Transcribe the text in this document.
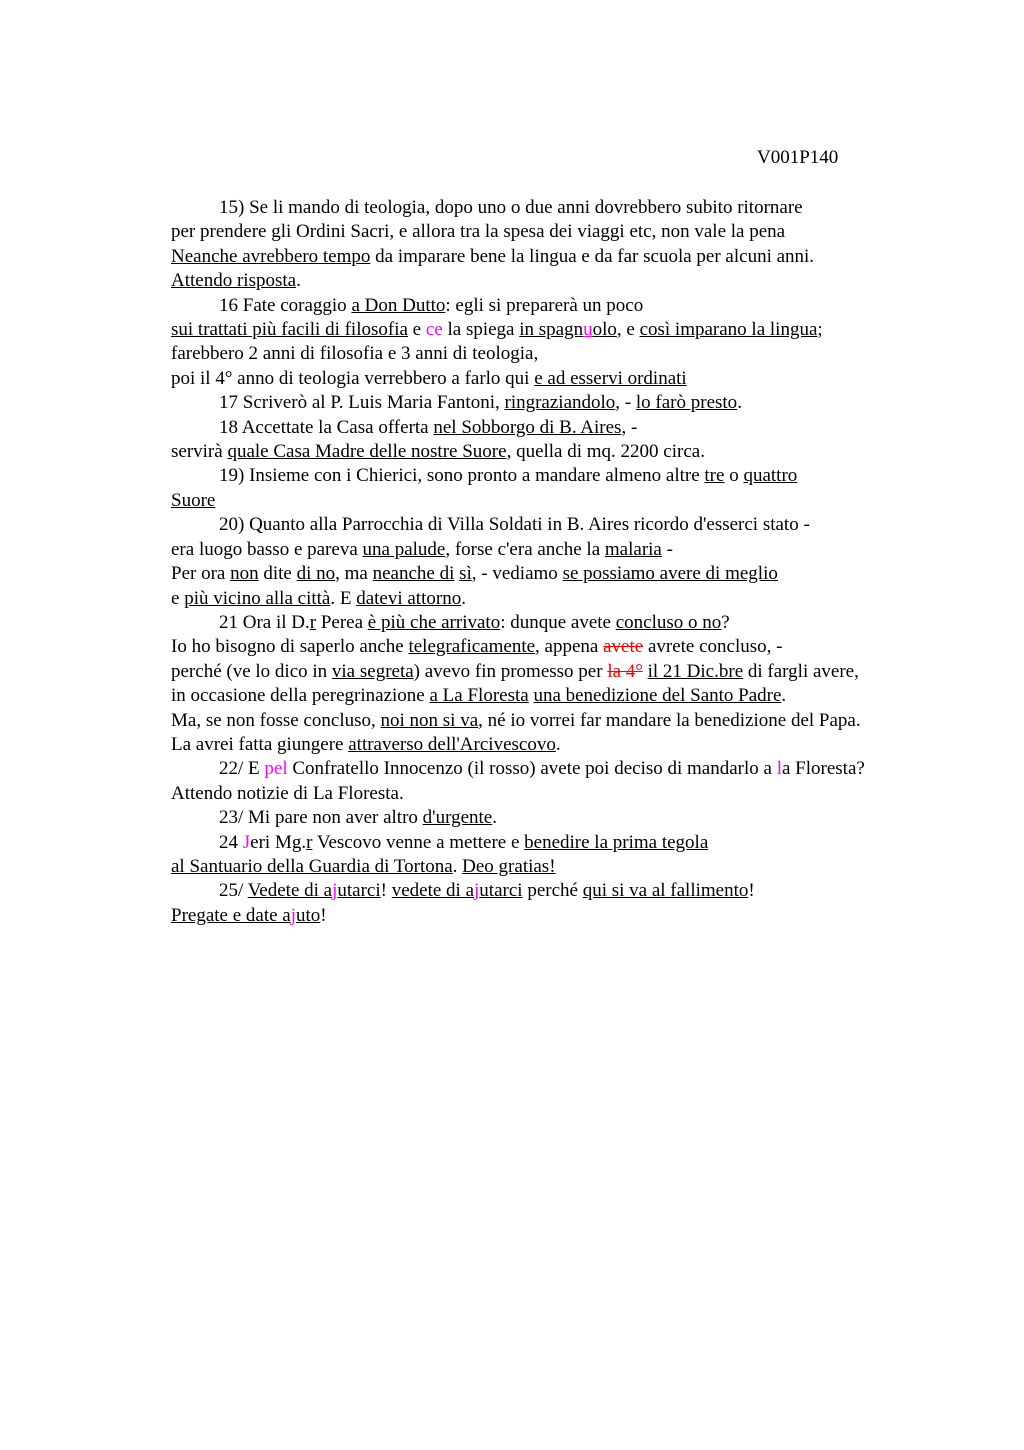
V001P140
15) Se li mando di teologia, dopo uno o due anni dovrebbero subito ritornare
per prendere gli Ordini Sacri, e allora tra la spesa dei viaggi etc, non vale la pena
Neanche avrebbero tempo da imparare bene la lingua e da far scuola per alcuni anni.
Attendo risposta.
16 Fate coraggio a Don Dutto: egli si preparerà un poco
sui trattati più facili di filosofia e ce la spiega in spagnuolo, e così imparano la lingua;
farebbero 2 anni di filosofia e 3 anni di teologia,
poi il 4° anno di teologia verrebbero a farlo qui e ad esservi ordinati
17 Scriverò al P. Luis Maria Fantoni, ringraziandolo, - lo farò presto.
18 Accettate la Casa offerta nel Sobborgo di B. Aires, -
servirà quale Casa Madre delle nostre Suore, quella di mq. 2200 circa.
19) Insieme con i Chierici, sono pronto a mandare almeno altre tre o quattro
Suore
20) Quanto alla Parrocchia di Villa Soldati in B. Aires ricordo d'esserci stato -
era luogo basso e pareva una palude, forse c'era anche la malaria -
Per ora non dite di no, ma neanche di sì, - vediamo se possiamo avere di meglio
e più vicino alla città. E datevi attorno.
21 Ora il D.r Perea è più che arrivato: dunque avete concluso o no?
Io ho bisogno di saperlo anche telegraficamente, appena avete avrete concluso, -
perché (ve lo dico in via segreta) avevo fin promesso per la 4° il 21 Dic.bre di fargli avere,
in occasione della peregrinazione a La Floresta una benedizione del Santo Padre.
Ma, se non fosse concluso, noi non si va, né io vorrei far mandare la benedizione del Papa.
La avrei fatta giungere attraverso dell'Arcivescovo.
22/ E pel Confratello Innocenzo (il rosso) avete poi deciso di mandarlo a la Floresta?
Attendo notizie di La Floresta.
23/ Mi pare non aver altro d'urgente.
24 Jeri Mg.r Vescovo venne a mettere e benedire la prima tegola
al Santuario della Guardia di Tortona. Deo gratias!
25/ Vedete di ajutarci! vedete di ajutarci perché qui si va al fallimento!
Pregate e date ajuto!
